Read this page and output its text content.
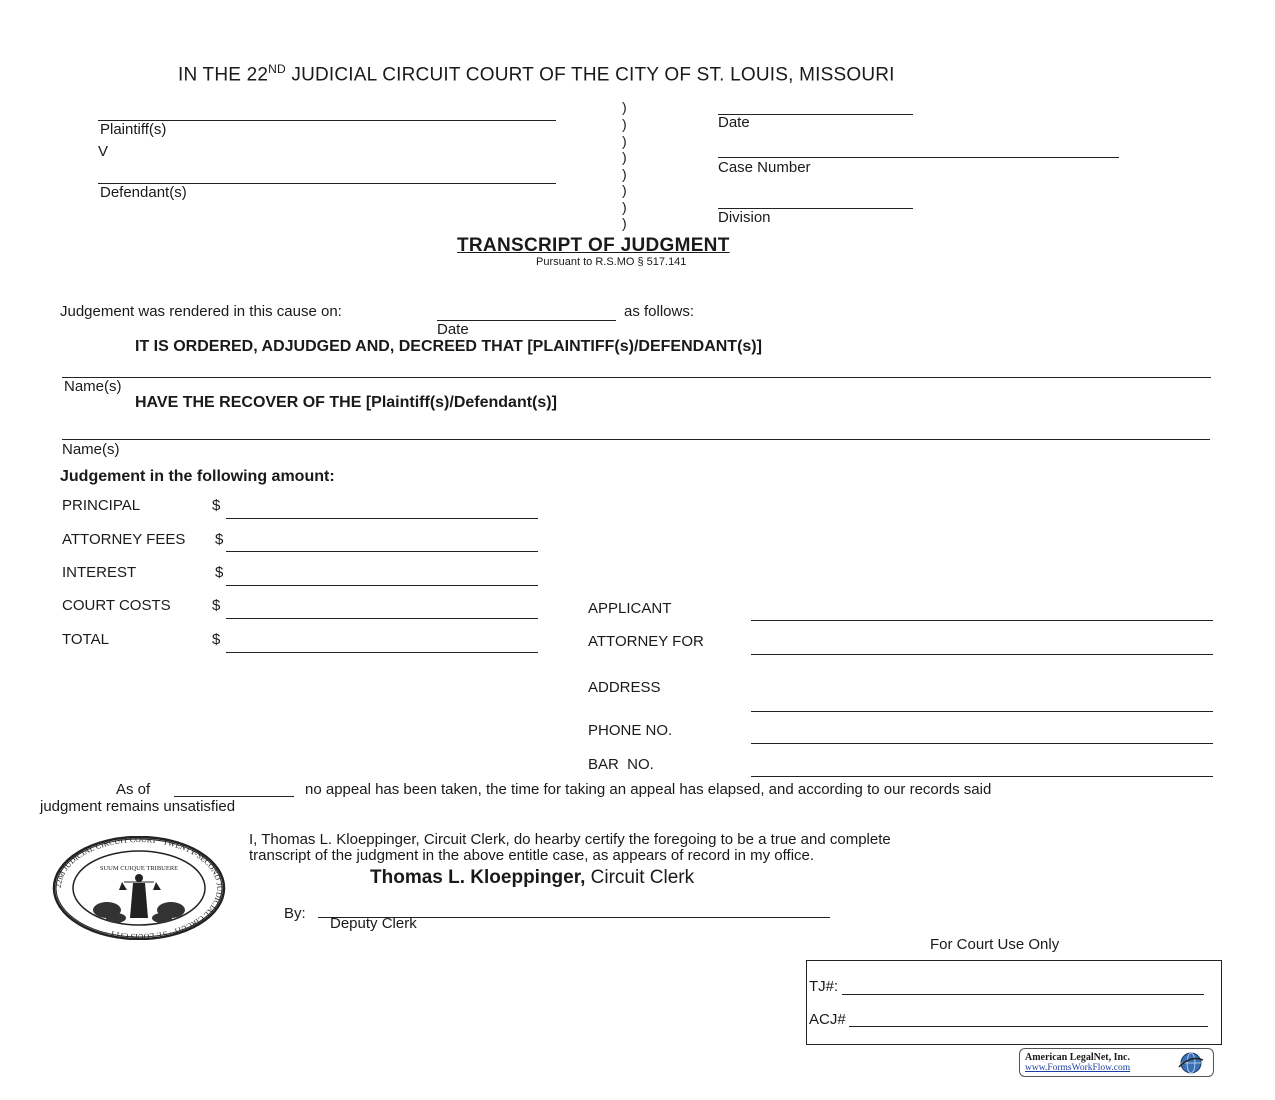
IN THE 22ND JUDICIAL CIRCUIT COURT OF THE CITY OF ST. LOUIS, MISSOURI
Plaintiff(s)
V
Defendant(s)
)
)
)
)
)
)
)
)
Date
Case Number
Division
TRANSCRIPT OF JUDGMENT
Pursuant to R.S.MO § 517.141
Judgement was rendered in this cause on:	as follows:
Date
IT IS ORDERED, ADJUDGED AND, DECREED THAT [PLAINTIFF(s)/DEFENDANT(s)]
Name(s)
HAVE THE RECOVER OF THE [Plaintiff(s)/Defendant(s)]
Name(s)
Judgement in the following amount:
PRINCIPAL	$
ATTORNEY FEES $
INTEREST	$
COURT COSTS	$
TOTAL	$
APPLICANT
ATTORNEY FOR
ADDRESS
PHONE NO.
BAR  NO.
As of	no appeal has been taken, the time for taking an appeal has elapsed, and according to our records said
judgment remains unsatisfied
22nd JUDICIAL CIRCUIT COURT · TWENTY-SECOND JUDICIAL CIRCUIT · ST. LOUIS CITY ·
SUUM CUIQUE TRIBUERE
I, Thomas L. Kloeppinger, Circuit Clerk, do hearby certify the foregoing to be a true and complete
transcript of the judgment in the above entitle case, as appears of record in my office.
Thomas L. Kloeppinger, Circuit Clerk
By:
Deputy Clerk
For Court Use Only
TJ#:
ACJ#
American LegalNet, Inc.
www.FormsWorkFlow.com
